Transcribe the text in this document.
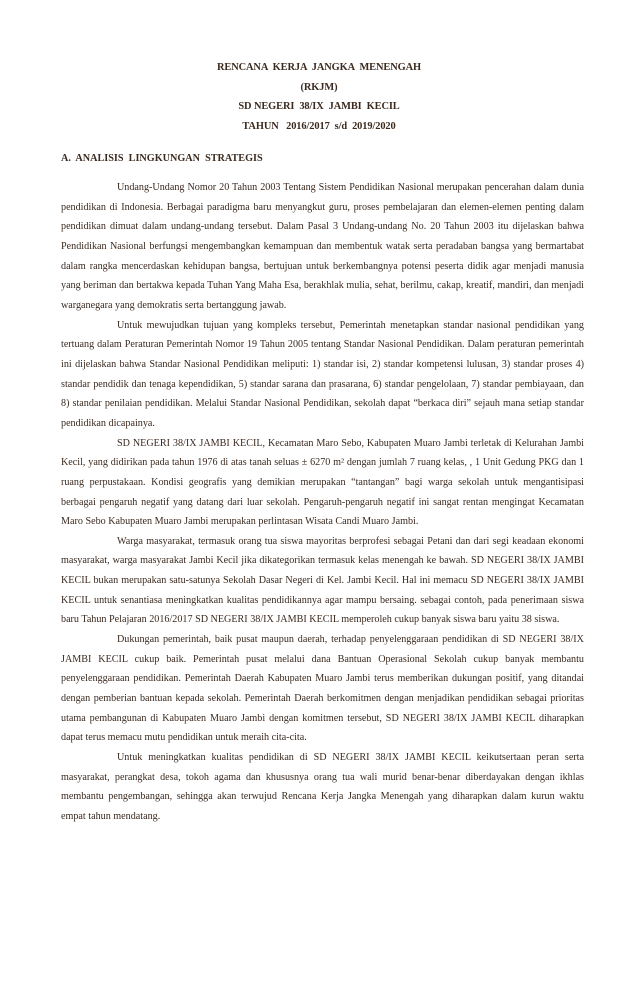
RENCANA  KERJA  JANGKA  MENENGAH
(RKJM)
SD NEGERI  38/IX  JAMBI  KECIL
TAHUN   2016/2017  s/d  2019/2020
A.  ANALISIS  LINGKUNGAN  STRATEGIS

Undang-Undang Nomor 20 Tahun 2003 Tentang Sistem Pendidikan Nasional merupakan pencerahan dalam dunia pendidikan di Indonesia. Berbagai paradigma baru menyangkut guru, proses pembelajaran dan elemen-elemen penting dalam pendidikan dimuat dalam undang-undang tersebut. Dalam Pasal 3 Undang-undang No. 20 Tahun 2003 itu dijelaskan bahwa Pendidikan Nasional berfungsi mengembangkan kemampuan dan membentuk watak serta peradaban bangsa yang bermartabat dalam rangka mencerdaskan kehidupan bangsa, bertujuan untuk berkembangnya potensi peserta didik agar menjadi manusia yang beriman dan bertakwa kepada Tuhan Yang Maha Esa, berakhlak mulia, sehat, berilmu, cakap, kreatif, mandiri, dan menjadi warganegara yang demokratis serta bertanggung jawab.

Untuk mewujudkan tujuan yang kompleks tersebut, Pemerintah menetapkan standar nasional pendidikan yang tertuang dalam Peraturan Pemerintah Nomor 19 Tahun 2005 tentang Standar Nasional Pendidikan. Dalam peraturan pemerintah ini dijelaskan bahwa Standar Nasional Pendidikan meliputi: 1) standar isi, 2) standar kompetensi lulusan, 3) standar proses 4) standar pendidik dan tenaga kependidikan, 5) standar sarana dan prasarana, 6) standar pengelolaan, 7) standar pembiayaan, dan 8) standar penilaian pendidikan. Melalui Standar Nasional Pendidikan, sekolah dapat “berkaca diri” sejauh mana setiap standar pendidikan dicapainya.

SD NEGERI 38/IX JAMBI KECIL, Kecamatan Maro Sebo, Kabupaten Muaro Jambi terletak di Kelurahan Jambi Kecil, yang didirikan pada tahun 1976 di atas tanah seluas ± 6270 m² dengan jumlah 7 ruang kelas, , 1 Unit Gedung PKG dan 1 ruang perpustakaan. Kondisi geografis yang demikian merupakan “tantangan” bagi warga sekolah untuk mengantisipasi berbagai pengaruh negatif yang datang dari luar sekolah. Pengaruh-pengaruh negatif ini sangat rentan mengingat Kecamatan Maro Sebo Kabupaten Muaro Jambi merupakan perlintasan Wisata Candi Muaro Jambi.

Warga masyarakat, termasuk orang tua siswa mayoritas berprofesi sebagai Petani dan dari segi keadaan ekonomi masyarakat, warga masyarakat Jambi Kecil jika dikategorikan termasuk kelas menengah ke bawah. SD NEGERI 38/IX JAMBI KECIL bukan merupakan satu-satunya Sekolah Dasar Negeri di Kel. Jambi Kecil. Hal ini memacu SD NEGERI 38/IX JAMBI KECIL untuk senantiasa meningkatkan kualitas pendidikannya agar mampu bersaing. sebagai contoh, pada penerimaan siswa baru Tahun Pelajaran 2016/2017 SD NEGERI 38/IX JAMBI KECIL memperoleh cukup banyak siswa baru yaitu 38 siswa.

Dukungan pemerintah, baik pusat maupun daerah, terhadap penyelenggaraan pendidikan di SD NEGERI 38/IX JAMBI KECIL cukup baik. Pemerintah pusat melalui dana Bantuan Operasional Sekolah cukup banyak membantu penyelenggaraan pendidikan. Pemerintah Daerah Kabupaten Muaro Jambi terus memberikan dukungan positif, yang ditandai dengan pemberian bantuan kepada sekolah. Pemerintah Daerah berkomitmen dengan menjadikan pendidikan sebagai prioritas utama pembangunan di Kabupaten Muaro Jambi dengan komitmen tersebut, SD NEGERI 38/IX JAMBI KECIL diharapkan dapat terus memacu mutu pendidikan untuk meraih cita-cita.

Untuk meningkatkan kualitas pendidikan di SD NEGERI 38/IX JAMBI KECIL keikutsertaan peran serta masyarakat, perangkat desa, tokoh agama dan khususnya orang tua wali murid benar-benar diberdayakan dengan ikhlas membantu pengembangan, sehingga akan terwujud Rencana Kerja Jangka Menengah yang diharapkan dalam kurun waktu empat tahun mendatang.
